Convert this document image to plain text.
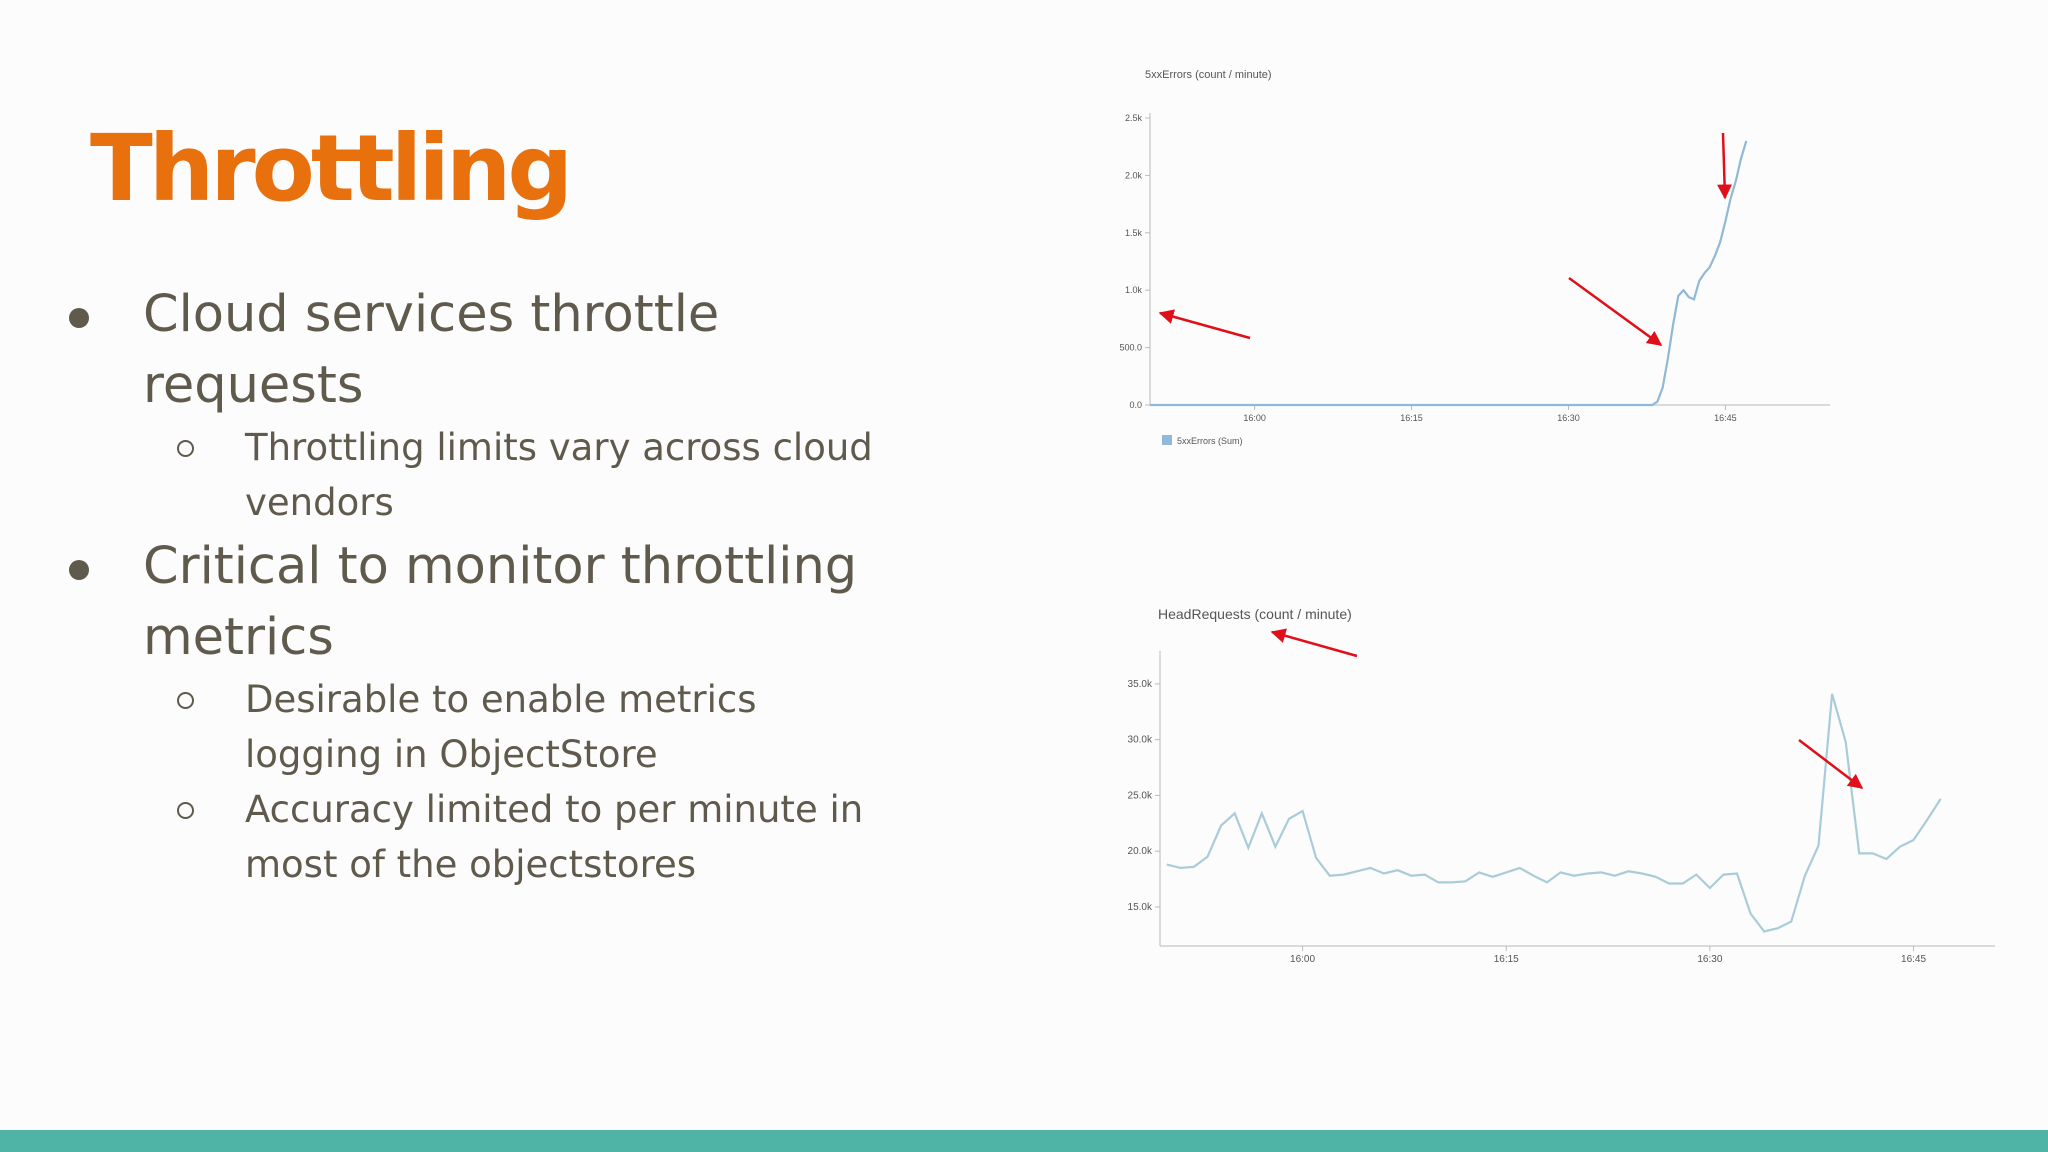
Throttling
Cloud services throttle requests
Throttling limits vary across cloud vendors
Critical to monitor throttling metrics
Desirable to enable metrics logging in ObjectStore
Accuracy limited to per minute in most of the objectstores
5xxErrors (count / minute)
0.0
500.0
1.0k
1.5k
2.0k
2.5k
16:00	16:15	16:30	16:45
5xxErrors (Sum)
HeadRequests (count / minute)
15.0k
20.0k
25.0k
30.0k
35.0k
16:00	16:15	16:30	16:45
